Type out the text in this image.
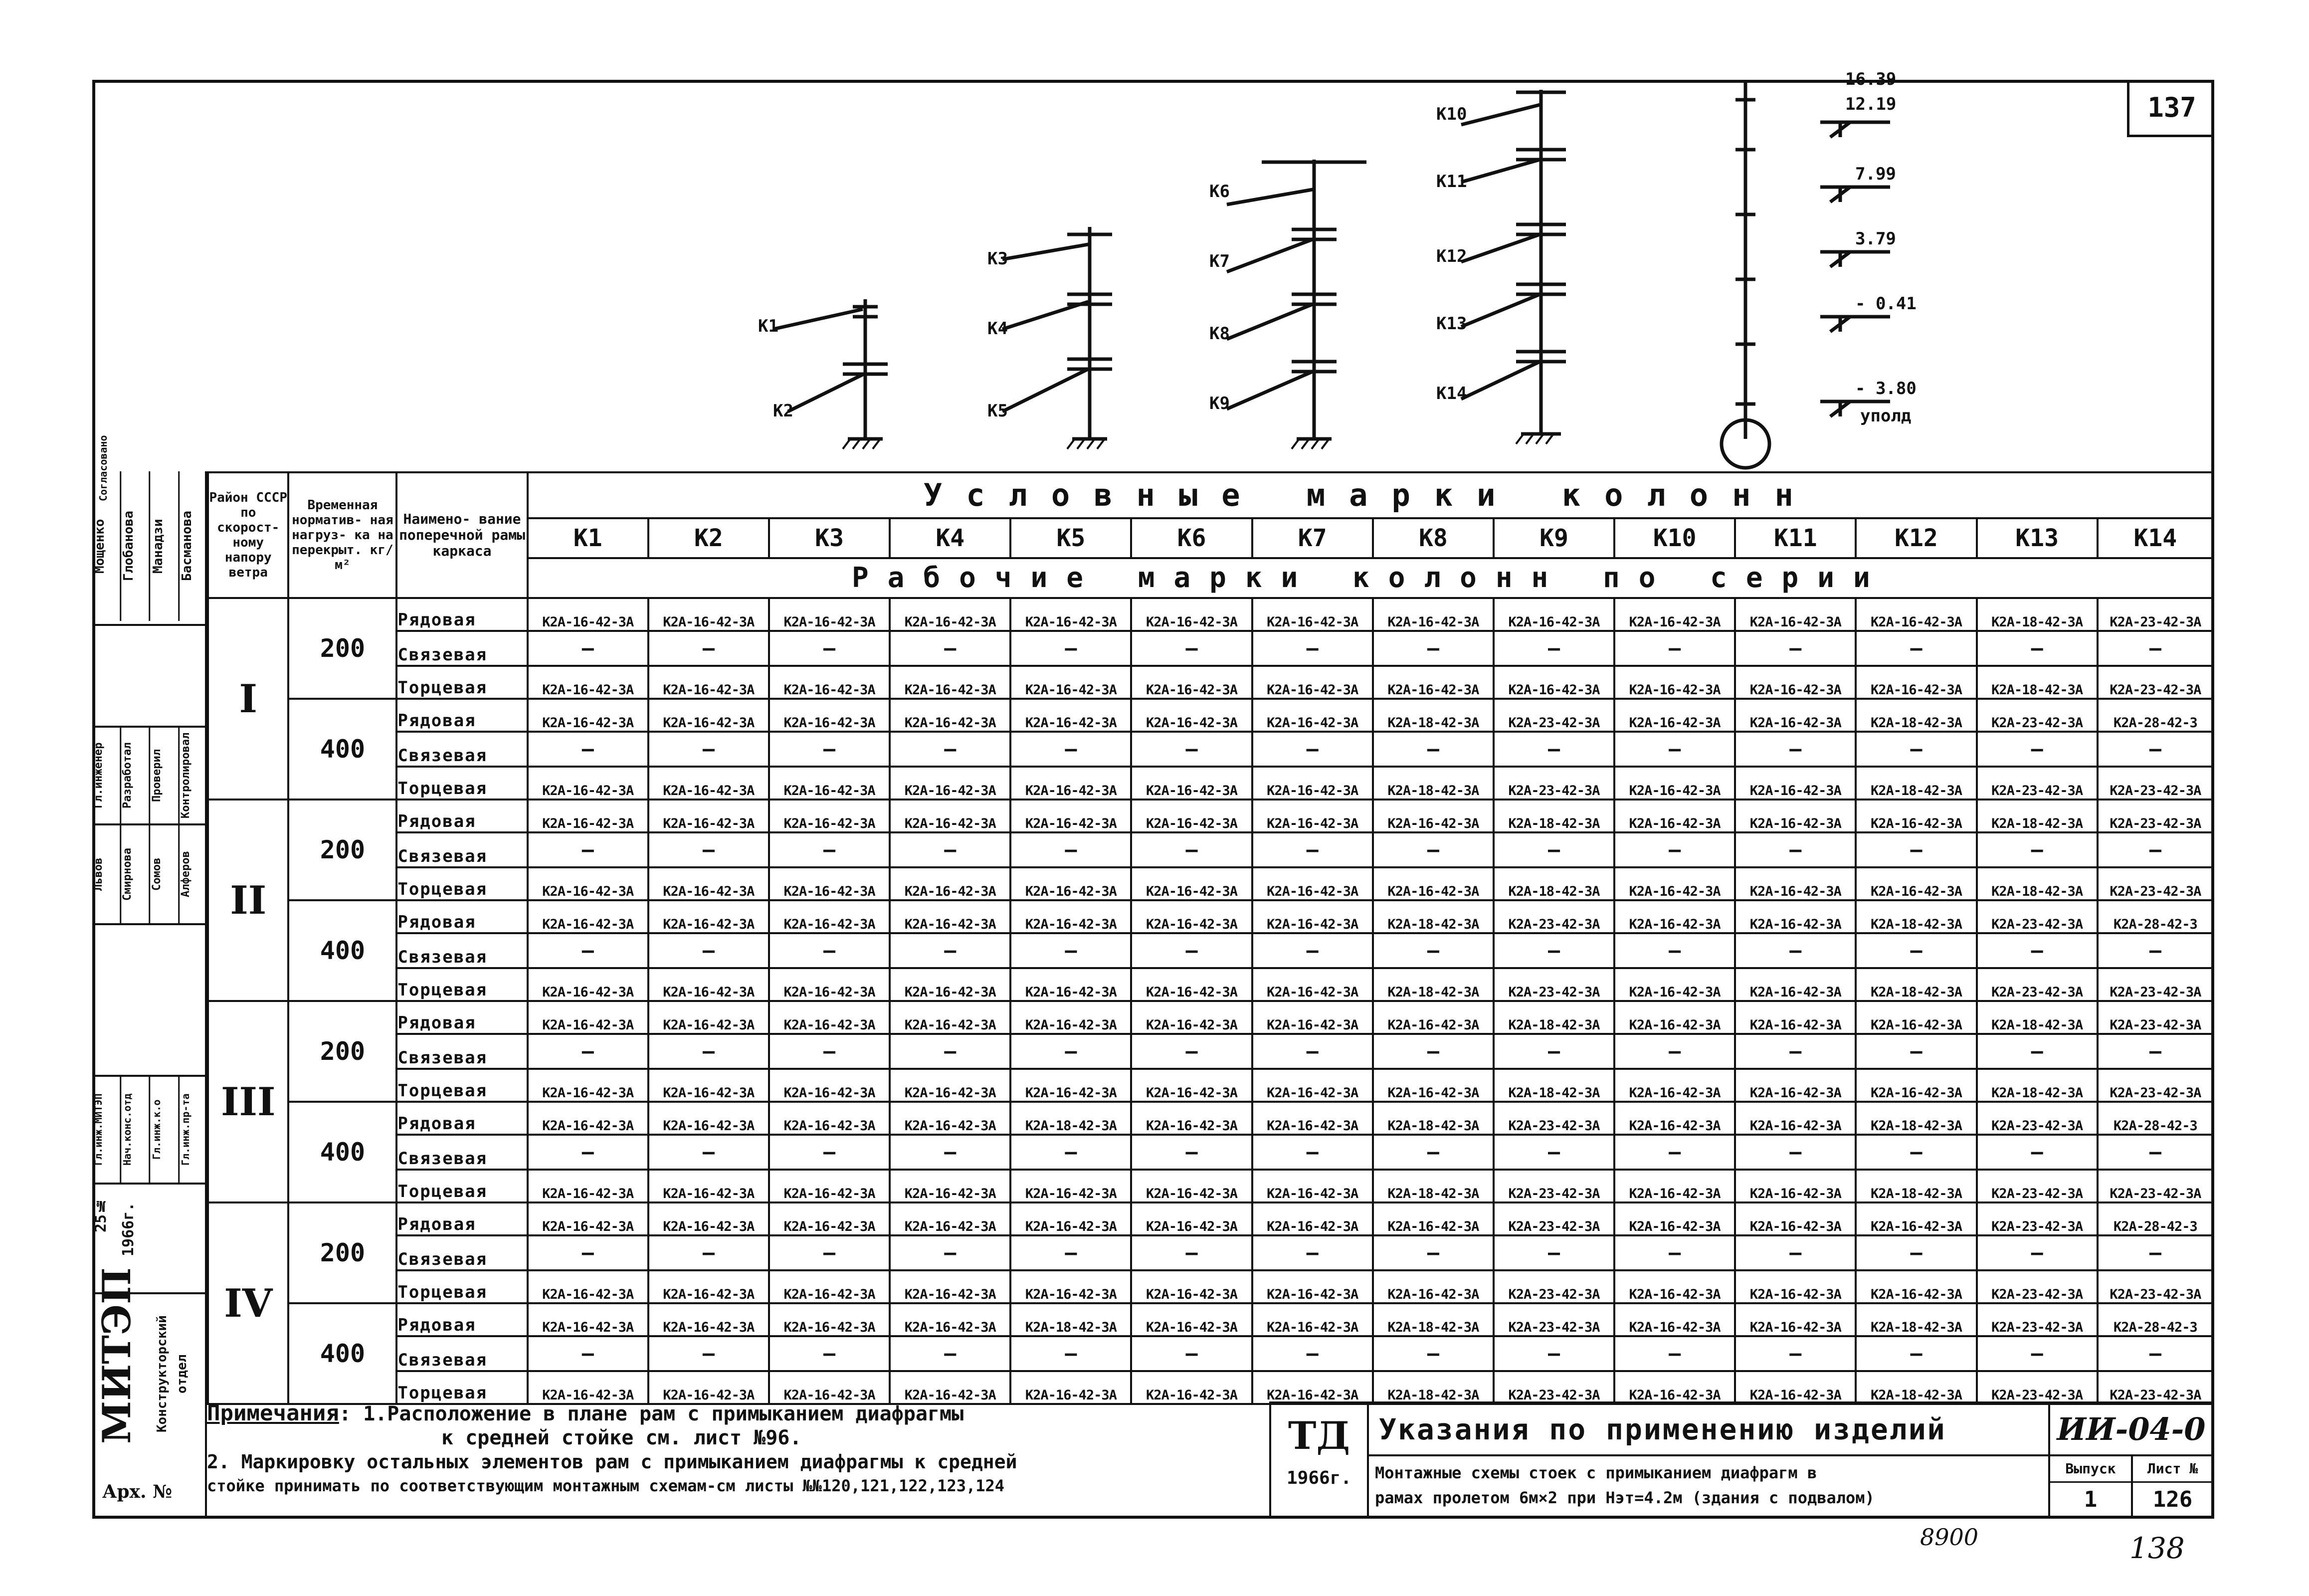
137
K1
K2
K3
K4
K5
K6
K7
K8
K9
K10
K11
K12
K13
K14
16.39
12.19
7.99
3.79
- 0.41
- 3.80
уполд
Согласовано
Мощенко	Глобанова	Манадзи	Басманова
Гл.инженер	Разработал	Проверил	Контролировал
Львов	Смирнова	Сомов	Алферов
Гл.инж.МИТЭП	Нач.конс.отд	Гл.инж.к.о	Гл.инж.пр-та
25№ 1966г.
МИТЭП Конструкторский отдел
Арх. №
Район СССР по скорост- ному напору ветра	Временная норматив- ная нагруз- ка на перекрыт. кг/м²	Наимено- вание поперечной рамы каркаса	Условные марки колонн													
			К1	К2	К3	К4	К5	К6	К7	К8	К9	К10	К11	К12	К13	К14
			Рабочие марки колонн по серии													
I	200	Рядовая	К2А-16-42-3А	К2А-16-42-3А	К2А-16-42-3А	К2А-16-42-3А	К2А-16-42-3А	К2А-16-42-3А	К2А-16-42-3А	К2А-16-42-3А	К2А-16-42-3А	К2А-16-42-3А	К2А-16-42-3А	К2А-16-42-3А	К2А-18-42-3А	К2А-23-42-3А
		Связевая	—	—	—	—	—	—	—	—	—	—	—	—	—	—
		Торцевая	К2А-16-42-3А	К2А-16-42-3А	К2А-16-42-3А	К2А-16-42-3А	К2А-16-42-3А	К2А-16-42-3А	К2А-16-42-3А	К2А-16-42-3А	К2А-16-42-3А	К2А-16-42-3А	К2А-16-42-3А	К2А-16-42-3А	К2А-18-42-3А	К2А-23-42-3А
	400	Рядовая	К2А-16-42-3А	К2А-16-42-3А	К2А-16-42-3А	К2А-16-42-3А	К2А-16-42-3А	К2А-16-42-3А	К2А-16-42-3А	К2А-18-42-3А	К2А-23-42-3А	К2А-16-42-3А	К2А-16-42-3А	К2А-18-42-3А	К2А-23-42-3А	К2А-28-42-3
		Связевая	—	—	—	—	—	—	—	—	—	—	—	—	—	—
		Торцевая	К2А-16-42-3А	К2А-16-42-3А	К2А-16-42-3А	К2А-16-42-3А	К2А-16-42-3А	К2А-16-42-3А	К2А-16-42-3А	К2А-18-42-3А	К2А-23-42-3А	К2А-16-42-3А	К2А-16-42-3А	К2А-18-42-3А	К2А-23-42-3А	К2А-23-42-3А
II	200	Рядовая	К2А-16-42-3А	К2А-16-42-3А	К2А-16-42-3А	К2А-16-42-3А	К2А-16-42-3А	К2А-16-42-3А	К2А-16-42-3А	К2А-16-42-3А	К2А-18-42-3А	К2А-16-42-3А	К2А-16-42-3А	К2А-16-42-3А	К2А-18-42-3А	К2А-23-42-3А
		Связевая	—	—	—	—	—	—	—	—	—	—	—	—	—	—
		Торцевая	К2А-16-42-3А	К2А-16-42-3А	К2А-16-42-3А	К2А-16-42-3А	К2А-16-42-3А	К2А-16-42-3А	К2А-16-42-3А	К2А-16-42-3А	К2А-18-42-3А	К2А-16-42-3А	К2А-16-42-3А	К2А-16-42-3А	К2А-18-42-3А	К2А-23-42-3А
	400	Рядовая	К2А-16-42-3А	К2А-16-42-3А	К2А-16-42-3А	К2А-16-42-3А	К2А-16-42-3А	К2А-16-42-3А	К2А-16-42-3А	К2А-18-42-3А	К2А-23-42-3А	К2А-16-42-3А	К2А-16-42-3А	К2А-18-42-3А	К2А-23-42-3А	К2А-28-42-3
		Связевая	—	—	—	—	—	—	—	—	—	—	—	—	—	—
		Торцевая	К2А-16-42-3А	К2А-16-42-3А	К2А-16-42-3А	К2А-16-42-3А	К2А-16-42-3А	К2А-16-42-3А	К2А-16-42-3А	К2А-18-42-3А	К2А-23-42-3А	К2А-16-42-3А	К2А-16-42-3А	К2А-18-42-3А	К2А-23-42-3А	К2А-23-42-3А
III	200	Рядовая	К2А-16-42-3А	К2А-16-42-3А	К2А-16-42-3А	К2А-16-42-3А	К2А-16-42-3А	К2А-16-42-3А	К2А-16-42-3А	К2А-16-42-3А	К2А-18-42-3А	К2А-16-42-3А	К2А-16-42-3А	К2А-16-42-3А	К2А-18-42-3А	К2А-23-42-3А
		Связевая	—	—	—	—	—	—	—	—	—	—	—	—	—	—
		Торцевая	К2А-16-42-3А	К2А-16-42-3А	К2А-16-42-3А	К2А-16-42-3А	К2А-16-42-3А	К2А-16-42-3А	К2А-16-42-3А	К2А-16-42-3А	К2А-18-42-3А	К2А-16-42-3А	К2А-16-42-3А	К2А-16-42-3А	К2А-18-42-3А	К2А-23-42-3А
	400	Рядовая	К2А-16-42-3А	К2А-16-42-3А	К2А-16-42-3А	К2А-16-42-3А	К2А-18-42-3А	К2А-16-42-3А	К2А-16-42-3А	К2А-18-42-3А	К2А-23-42-3А	К2А-16-42-3А	К2А-16-42-3А	К2А-18-42-3А	К2А-23-42-3А	К2А-28-42-3
		Связевая	—	—	—	—	—	—	—	—	—	—	—	—	—	—
		Торцевая	К2А-16-42-3А	К2А-16-42-3А	К2А-16-42-3А	К2А-16-42-3А	К2А-16-42-3А	К2А-16-42-3А	К2А-16-42-3А	К2А-18-42-3А	К2А-23-42-3А	К2А-16-42-3А	К2А-16-42-3А	К2А-18-42-3А	К2А-23-42-3А	К2А-23-42-3А
IV	200	Рядовая	К2А-16-42-3А	К2А-16-42-3А	К2А-16-42-3А	К2А-16-42-3А	К2А-16-42-3А	К2А-16-42-3А	К2А-16-42-3А	К2А-16-42-3А	К2А-23-42-3А	К2А-16-42-3А	К2А-16-42-3А	К2А-16-42-3А	К2А-23-42-3А	К2А-28-42-3
		Связевая	—	—	—	—	—	—	—	—	—	—	—	—	—	—
		Торцевая	К2А-16-42-3А	К2А-16-42-3А	К2А-16-42-3А	К2А-16-42-3А	К2А-16-42-3А	К2А-16-42-3А	К2А-16-42-3А	К2А-16-42-3А	К2А-23-42-3А	К2А-16-42-3А	К2А-16-42-3А	К2А-16-42-3А	К2А-23-42-3А	К2А-23-42-3А
	400	Рядовая	К2А-16-42-3А	К2А-16-42-3А	К2А-16-42-3А	К2А-16-42-3А	К2А-18-42-3А	К2А-16-42-3А	К2А-16-42-3А	К2А-18-42-3А	К2А-23-42-3А	К2А-16-42-3А	К2А-16-42-3А	К2А-18-42-3А	К2А-23-42-3А	К2А-28-42-3
		Связевая	—	—	—	—	—	—	—	—	—	—	—	—	—	—
		Торцевая	К2А-16-42-3А	К2А-16-42-3А	К2А-16-42-3А	К2А-16-42-3А	К2А-16-42-3А	К2А-16-42-3А	К2А-16-42-3А	К2А-18-42-3А	К2А-23-42-3А	К2А-16-42-3А	К2А-16-42-3А	К2А-18-42-3А	К2А-23-42-3А	К2А-23-42-3А
Примечания: 1.Расположение в плане рам с примыканием диафрагмы
к средней стойке см. лист №96.
2. Маркировку остальных элементов рам с примыканием диафрагмы к средней
стойке принимать по соответствующим монтажным схемам-см листы №№120,121,122,123,124
ТД
1966г.
Указания по применению изделий	ИИ-04-0
Монтажные схемы стоек с примыканием диафрагм в
рамах пролетом 6м×2 при Нэт=4.2м (здания с подвалом)
Выпуск
1
Лист №
126
8900	138
